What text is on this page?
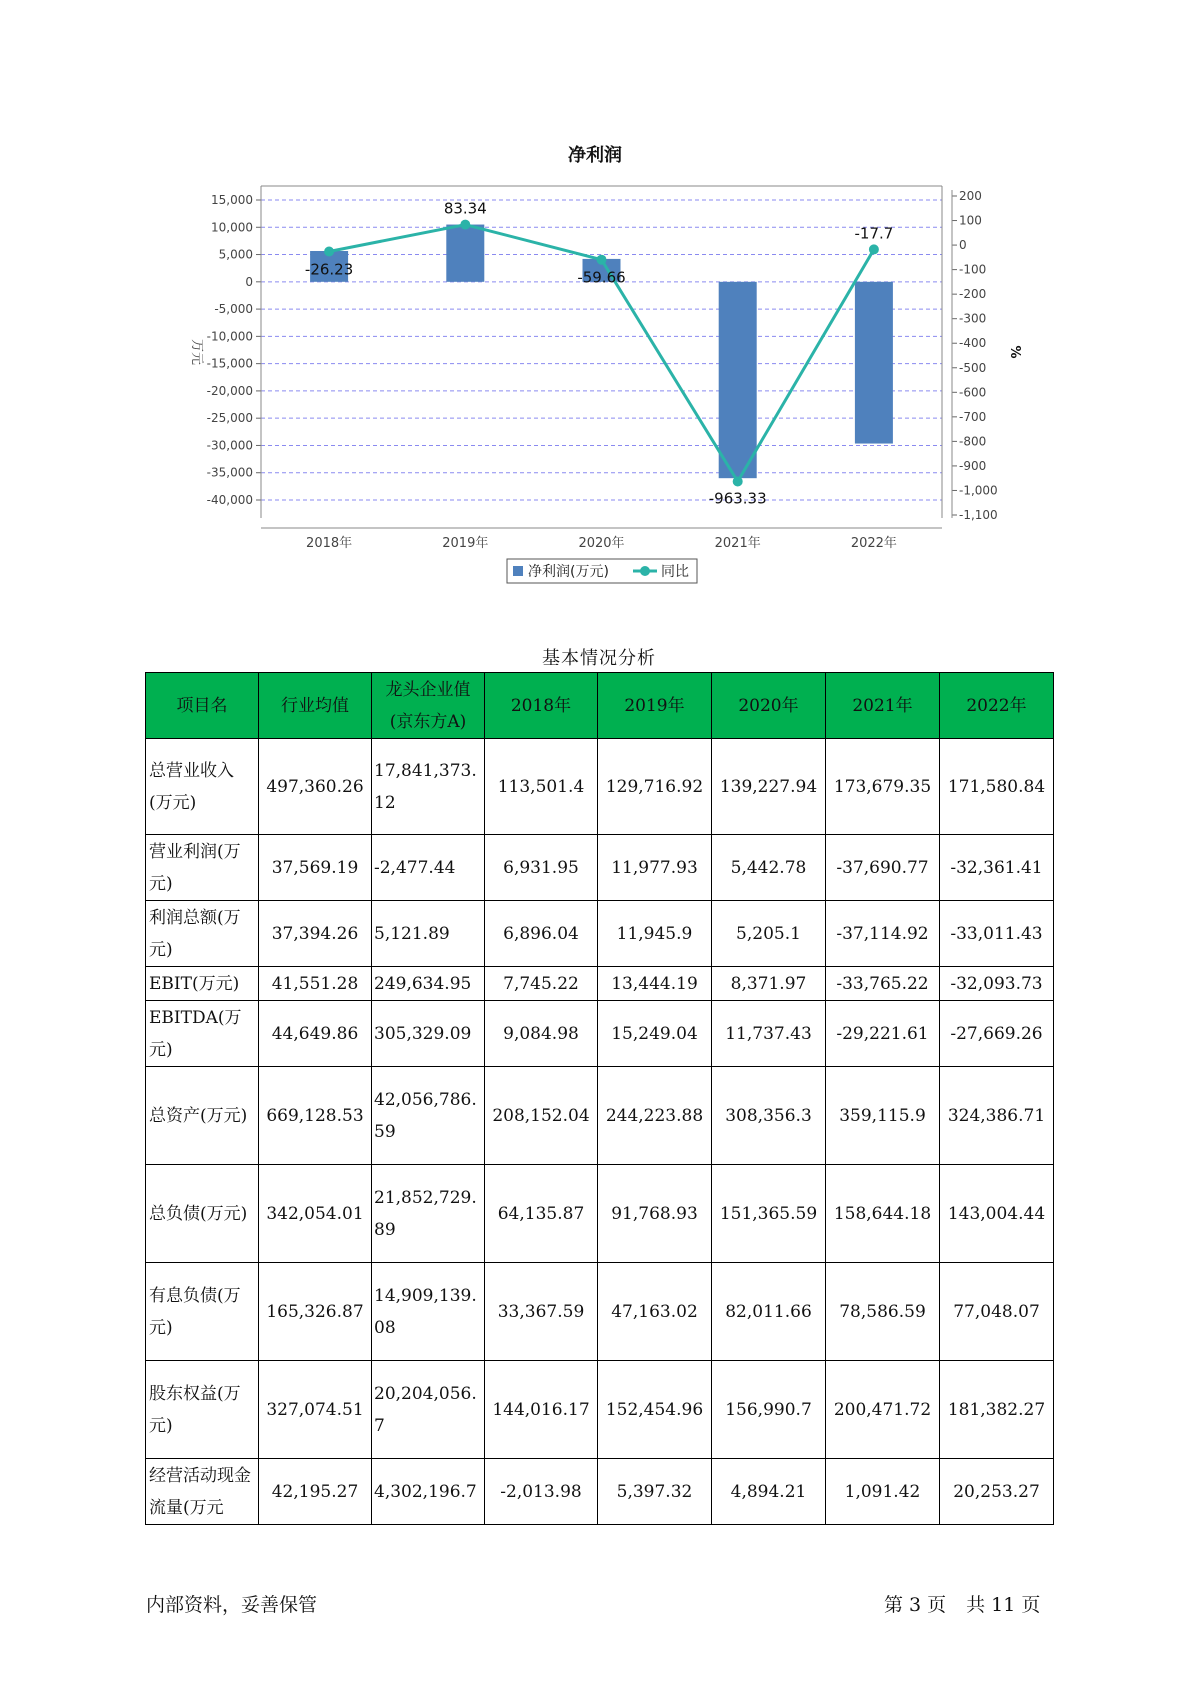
15,000
10,000
5,000
0
-5,000
-10,000
-15,000
-20,000
-25,000
-30,000
-35,000
-40,000
200
100
0
-100
-200
-300
-400
-500
-600
-700
-800
-900
-1,000
-1,100
2018年	2019年	2020年	2021年	2022年
-26.23
83.34
-59.66
-963.33
-17.7
净利润
万元	%
净利润(万元)	同比
基本情况分析
项目名	行业均值	龙头企业值(京东方A)	2018年	2019年	2020年	2021年	2022年
总营业收入(万元)	497,360.26	17,841,373.12	113,501.4	129,716.92	139,227.94	173,679.35	171,580.84
营业利润(万元)	37,569.19	-2,477.44	6,931.95	11,977.93	5,442.78	-37,690.77	-32,361.41
利润总额(万元)	37,394.26	5,121.89	6,896.04	11,945.9	5,205.1	-37,114.92	-33,011.43
EBIT(万元)	41,551.28	249,634.95	7,745.22	13,444.19	8,371.97	-33,765.22	-32,093.73
EBITDA(万元)	44,649.86	305,329.09	9,084.98	15,249.04	11,737.43	-29,221.61	-27,669.26
总资产(万元)	669,128.53	42,056,786.59	208,152.04	244,223.88	308,356.3	359,115.9	324,386.71
总负债(万元)	342,054.01	21,852,729.89	64,135.87	91,768.93	151,365.59	158,644.18	143,004.44
有息负债(万元)	165,326.87	14,909,139.08	33,367.59	47,163.02	82,011.66	78,586.59	77,048.07
股东权益(万元)	327,074.51	20,204,056.7	144,016.17	152,454.96	156,990.7	200,471.72	181,382.27
经营活动现金流量(万元	42,195.27	4,302,196.7	-2,013.98	5,397.32	4,894.21	1,091.42	20,253.27
内部资料，妥善保管	第 3 页 共 11 页
